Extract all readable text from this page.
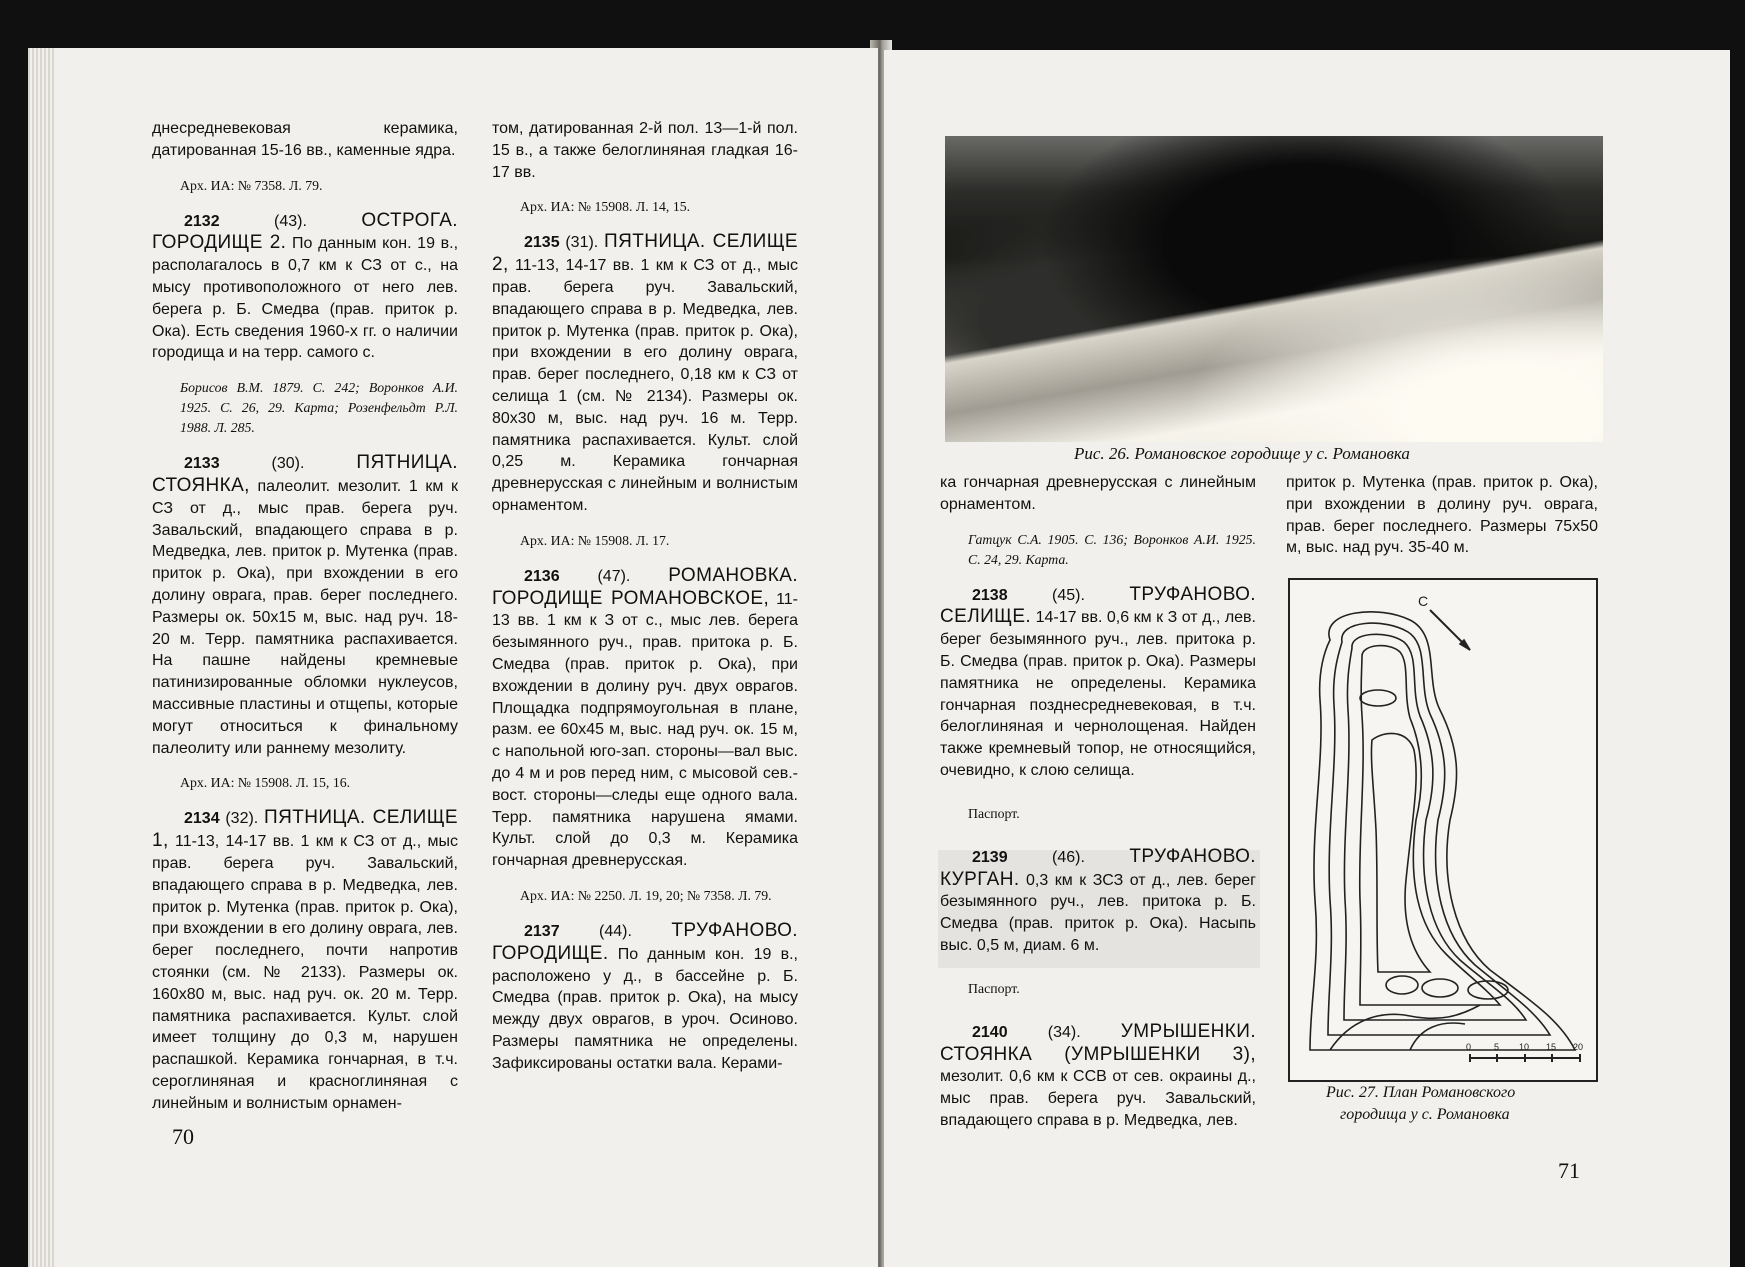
днесредневековая керамика, датированная 15-16 вв., каменные ядра.

Арх. ИА: № 7358. Л. 79.

2132 (43). ОСТРОГА. ГОРОДИЩЕ 2. По данным кон. 19 в., располагалось в 0,7 км к СЗ от с., на мысу противоположного от него лев. берега р. Б. Смедва (прав. приток р. Ока). Есть сведения 1960-х гг. о наличии городища и на терр. самого с.

Борисов В.М. 1879. С. 242; Воронков А.И. 1925. С. 26, 29. Карта; Розенфельдт Р.Л. 1988. Л. 285.

2133 (30). ПЯТНИЦА. СТОЯНКА, палеолит. мезолит. 1 км к СЗ от д., мыс прав. берега руч. Завальский, впадающего справа в р. Медведка, лев. приток р. Мутенка (прав. приток р. Ока), при вхождении в его долину оврага, прав. берег последнего. Размеры ок. 50х15 м, выс. над руч. 18-20 м. Терр. памятника распахивается. На пашне найдены кремневые патинизированные обломки нуклеусов, массивные пластины и отщепы, которые могут относиться к финальному палеолиту или раннему мезолиту.

Арх. ИА: № 15908. Л. 15, 16.

2134 (32). ПЯТНИЦА. СЕЛИЩЕ 1, 11-13, 14-17 вв. 1 км к СЗ от д., мыс прав. берега руч. Завальский, впадающего справа в р. Медведка, лев. приток р. Мутенка (прав. приток р. Ока), при вхождении в его долину оврага, лев. берег последнего, почти напротив стоянки (см. № 2133). Размеры ок. 160х80 м, выс. над руч. ок. 20 м. Терр. памятника распахивается. Культ. слой имеет толщину до 0,3 м, нарушен распашкой. Керамика гончарная, в т.ч. сероглиняная и красноглиняная с линейным и волнистым орнамен-

том, датированная 2-й пол. 13—1-й пол. 15 в., а также белоглиняная гладкая 16-17 вв.

Арх. ИА: № 15908. Л. 14, 15.

2135 (31). ПЯТНИЦА. СЕЛИЩЕ 2, 11-13, 14-17 вв. 1 км к СЗ от д., мыс прав. берега руч. Завальский, впадающего справа в р. Медведка, лев. приток р. Мутенка (прав. приток р. Ока), при вхождении в его долину оврага, прав. берег последнего, 0,18 км к СЗ от селища 1 (см. № 2134). Размеры ок. 80х30 м, выс. над руч. 16 м. Терр. памятника распахивается. Культ. слой 0,25 м. Керамика гончарная древнерусская с линейным и волнистым орнаментом.

Арх. ИА: № 15908. Л. 17.

2136 (47). РОМАНОВКА. ГОРОДИЩЕ РОМАНОВСКОЕ, 11-13 вв. 1 км к З от с., мыс лев. берега безымянного руч., прав. притока р. Б. Смедва (прав. приток р. Ока), при вхождении в долину руч. двух оврагов. Площадка подпрямоугольная в плане, разм. ее 60х45 м, выс. над руч. ок. 15 м, с напольной юго-зап. стороны—вал выс. до 4 м и ров перед ним, с мысовой сев.-вост. стороны—следы еще одного вала. Терр. памятника нарушена ямами. Культ. слой до 0,3 м. Керамика гончарная древнерусская.

Арх. ИА: № 2250. Л. 19, 20; № 7358. Л. 79.

2137 (44). ТРУФАНОВО. ГОРОДИЩЕ. По данным кон. 19 в., расположено у д., в бассейне р. Б. Смедва (прав. приток р. Ока), на мысу между двух оврагов, в уроч. Осиново. Размеры памятника не определены. Зафиксированы остатки вала. Керами-

70
Рис. 26. Романовское городище у с. Романовка

ка гончарная древнерусская с линейным орнаментом.

Гатцук С.А. 1905. С. 136; Воронков А.И. 1925. С. 24, 29. Карта.

2138 (45). ТРУФАНОВО. СЕЛИЩЕ. 14-17 вв. 0,6 км к З от д., лев. берег безымянного руч., лев. притока р. Б. Смедва (прав. приток р. Ока). Размеры памятника не определены. Керамика гончарная позднесредневековая, в т.ч. белоглиняная и чернолощеная. Найден также кремневый топор, не относящийся, очевидно, к слою селища.

Паспорт.

2139 (46). ТРУФАНОВО. КУРГАН. 0,3 км к ЗСЗ от д., лев. берег безымянного руч., лев. притока р. Б. Смедва (прав. приток р. Ока). Насыпь выс. 0,5 м, диам. 6 м.

Паспорт.

2140 (34). УМРЫШЕНКИ. СТОЯНКА (УМРЫШЕНКИ 3), мезолит. 0,6 км к ССВ от сев. окраины д., мыс прав. берега руч. Завальский, впадающего справа в р. Медведка, лев.

приток р. Мутенка (прав. приток р. Ока), при вхождении в долину руч. оврага, прав. берег последнего. Размеры 75х50 м, выс. над руч. 35-40 м.

С
0	5 10 15 20
Рис. 27. План Романовского
городища у с. Романовка
71
